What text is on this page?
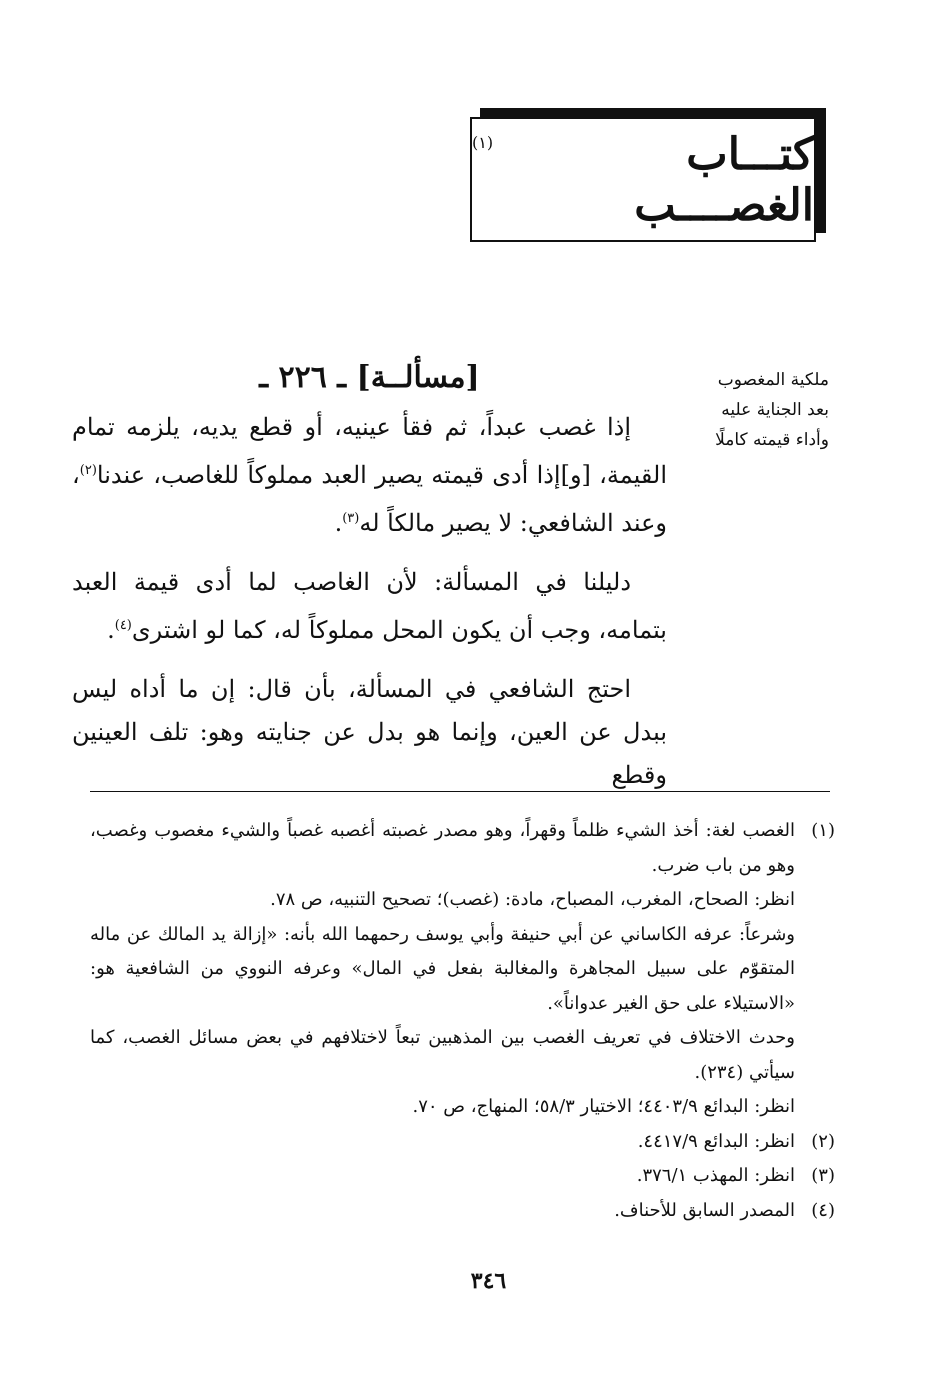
كتـــاب الغصــــب
(١)
ملكية المغصوب
بعد الجناية عليه
وأداء قيمته كاملًا
[مسألــة] ـ ٢٢٦ ـ

إذا غصب عبداً، ثم فقأ عينيه، أو قطع يديه، يلزمه تمام القيمة، [و]إذا أدى قيمته يصير العبد مملوكاً للغاصب، عندنا$^{(٢)}$، وعند الشافعي: لا يصير مالكاً له$^{(٣)}$.

دليلنا في المسألة: لأن الغاصب لما أدى قيمة العبد بتمامه، وجب أن يكون المحل مملوكاً له، كما لو اشترى$^{(٤)}$.

احتج الشافعي في المسألة، بأن قال: إن ما أداه ليس ببدل عن العين، وإنما هو بدل عن جنايته وهو: تلف العينين وقطع

(١)
الغصب لغة: أخذ الشيء ظلماً وقهراً، وهو مصدر غصبته أغصبه غصباً والشيء مغصوب وغصب، وهو من باب ضرب.
انظر: الصحاح، المغرب، المصباح، مادة: (غصب)؛ تصحيح التنبيه، ص ٧٨.
وشرعاً: عرفه الكاساني عن أبي حنيفة وأبي يوسف رحمهما الله بأنه: «إزالة يد المالك عن ماله المتقوّم على سبيل المجاهرة والمغالبة بفعل في المال» وعرفه النووي من الشافعية هو: «الاستيلاء على حق الغير عدواناً».
وحدث الاختلاف في تعريف الغصب بين المذهبين تبعاً لاختلافهم في بعض مسائل الغصب، كما سيأتي (٢٣٤).
انظر: البدائع ٤٤٠٣/٩؛ الاختيار ٥٨/٣؛ المنهاج، ص ٧٠.
(٢)
انظر: البدائع ٤٤١٧/٩.
(٣)
انظر: المهذب ٣٧٦/١.
(٤)
المصدر السابق للأحناف.
٣٤٦
